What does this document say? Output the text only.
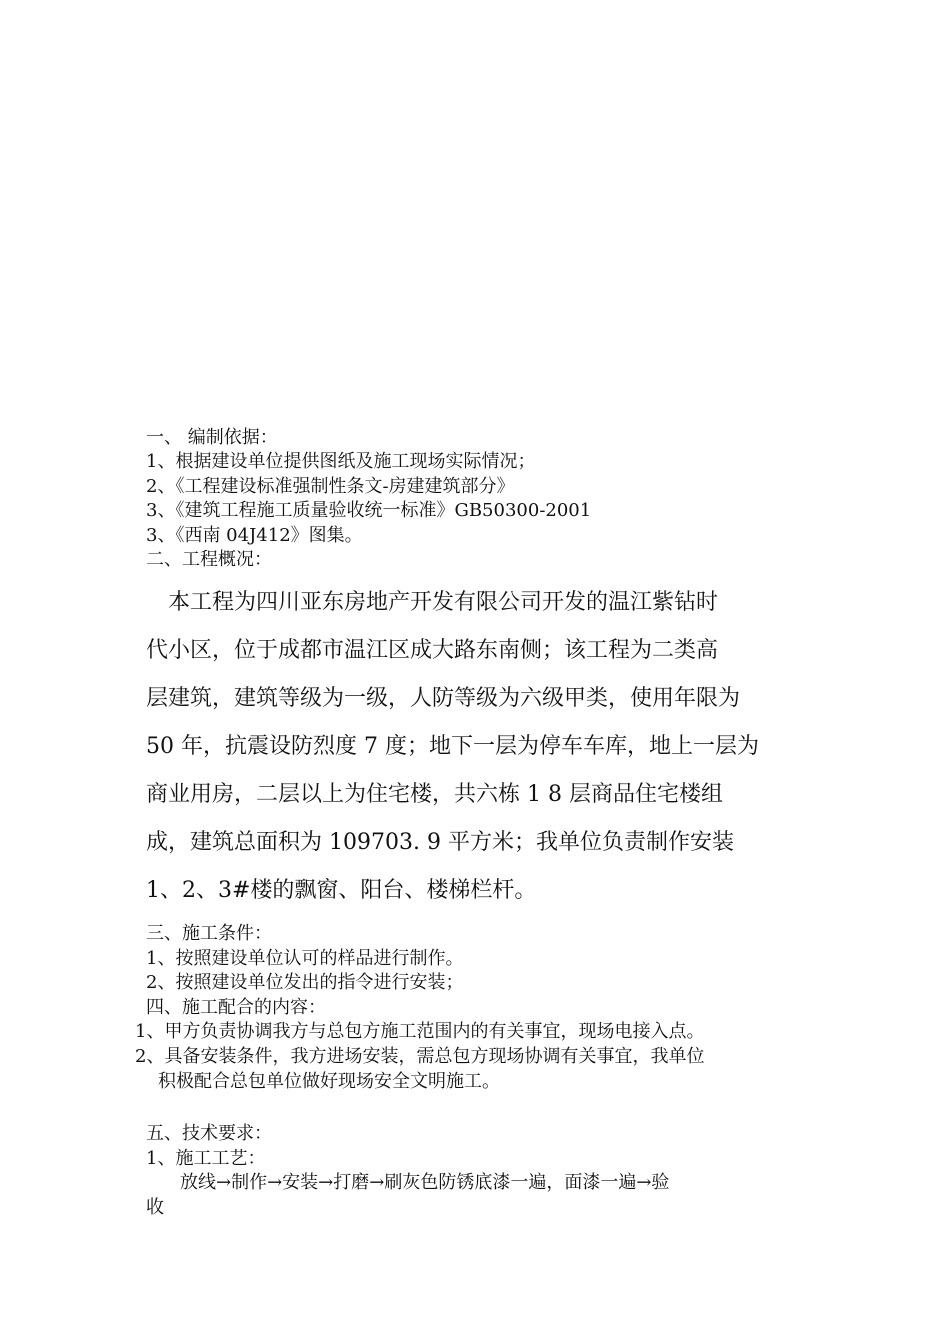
一、 编制依据：
1、根据建设单位提供图纸及施工现场实际情况；
2、《工程建设标准强制性条文-房建建筑部分》
3、《建筑工程施工质量验收统一标准》GB50300-2001
3、《西南 04J412》图集。
二、工程概况：
本工程为四川亚东房地产开发有限公司开发的温江紫钻时
代小区，位于成都市温江区成大路东南侧；该工程为二类高
层建筑，建筑等级为一级，人防等级为六级甲类，使用年限为
50 年，抗震设防烈度 7 度；地下一层为停车车库，地上一层为
商业用房，二层以上为住宅楼，共六栋 1 8 层商品住宅楼组
成，建筑总面积为 109703. 9 平方米；我单位负责制作安装
1、2、3#楼的飘窗、阳台、楼梯栏杆。
三、施工条件：
1、按照建设单位认可的样品进行制作。
2、按照建设单位发出的指令进行安装；
四、施工配合的内容：
1、甲方负责协调我方与总包方施工范围内的有关事宜，现场电接入点。
2、具备安装条件，我方进场安装，需总包方现场协调有关事宜，我单位
积极配合总包单位做好现场安全文明施工。
五、技术要求：
1、施工工艺：
放线→制作→安装→打磨→刷灰色防锈底漆一遍，面漆一遍→验
收
